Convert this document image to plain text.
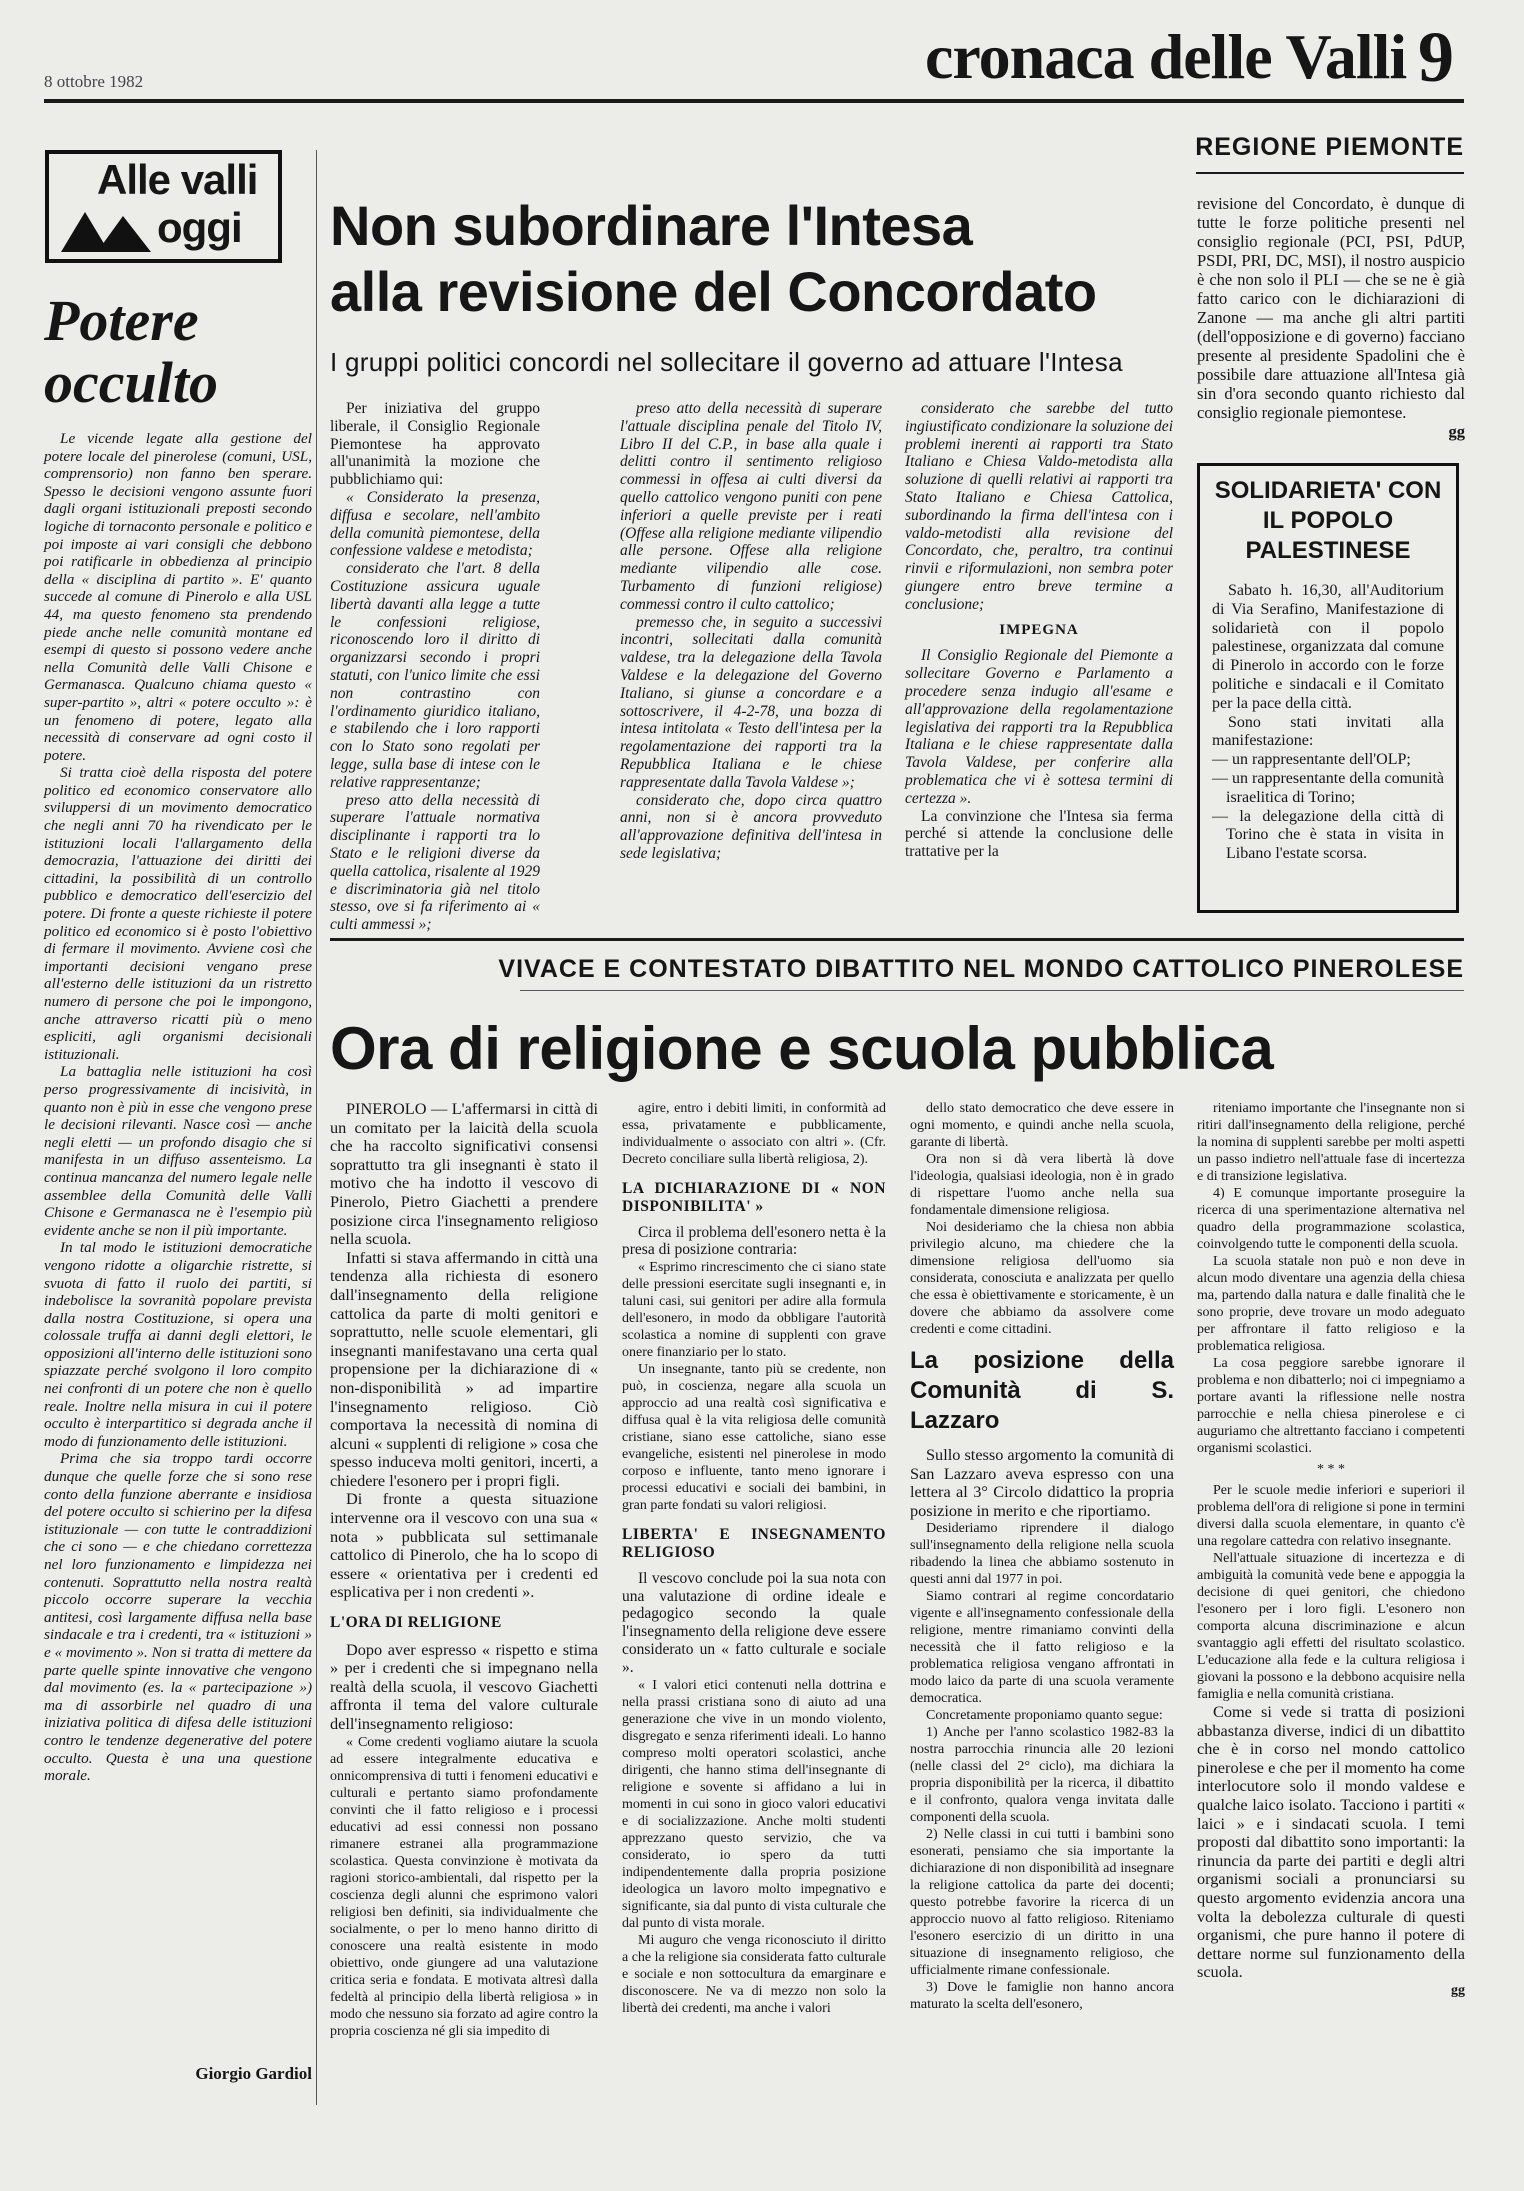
8 ottobre 1982	cronaca delle Valli 9
REGIONE PIEMONTE
Alle valli
oggi
Potere occulto

Le vicende legate alla gestione del potere locale del pinerolese (comuni, USL, comprensorio) non fanno ben sperare. Spesso le decisioni vengono assunte fuori dagli organi istituzionali preposti secondo logiche di tornaconto personale e politico e poi imposte ai vari consigli che debbono poi ratificarle in obbedienza al principio della « disciplina di partito ». E' quanto succede al comune di Pinerolo e alla USL 44, ma questo fenomeno sta prendendo piede anche nelle comunità montane ed esempi di questo si possono vedere anche nella Comunità delle Valli Chisone e Germanasca. Qualcuno chiama questo « super-partito », altri « potere occulto »: è un fenomeno di potere, legato alla necessità di conservare ad ogni costo il potere.

Si tratta cioè della risposta del potere politico ed economico conservatore allo sviluppersi di un movimento democratico che negli anni 70 ha rivendicato per le istituzioni locali l'allargamento della democrazia, l'attuazione dei diritti dei cittadini, la possibilità di un controllo pubblico e democratico dell'esercizio del potere. Di fronte a queste richieste il potere politico ed economico si è posto l'obiettivo di fermare il movimento. Avviene così che importanti decisioni vengano prese all'esterno delle istituzioni da un ristretto numero di persone che poi le impongono, anche attraverso ricatti più o meno espliciti, agli organismi decisionali istituzionali.

La battaglia nelle istituzioni ha così perso progressivamente di incisività, in quanto non è più in esse che vengono prese le decisioni rilevanti. Nasce così — anche negli eletti — un profondo disagio che si manifesta in un diffuso assenteismo. La continua mancanza del numero legale nelle assemblee della Comunità delle Valli Chisone e Germanasca ne è l'esempio più evidente anche se non il più importante.

In tal modo le istituzioni democratiche vengono ridotte a oligarchie ristrette, si svuota di fatto il ruolo dei partiti, si indebolisce la sovranità popolare prevista dalla nostra Costituzione, si opera una colossale truffa ai danni degli elettori, le opposizioni all'interno delle istituzioni sono spiazzate perché svolgono il loro compito nei confronti di un potere che non è quello reale. Inoltre nella misura in cui il potere occulto è interpartitico si degrada anche il modo di funzionamento delle istituzioni.

Prima che sia troppo tardi occorre dunque che quelle forze che si sono rese conto della funzione aberrante e insidiosa del potere occulto si schierino per la difesa istituzionale — con tutte le contraddizioni che ci sono — e che chiedano correttezza nel loro funzionamento e limpidezza nei contenuti. Soprattutto nella nostra realtà piccolo occorre superare la vecchia antitesi, così largamente diffusa nella base sindacale e tra i credenti, tra « istituzioni » e « movimento ». Non si tratta di mettere da parte quelle spinte innovative che vengono dal movimento (es. la « partecipazione ») ma di assorbirle nel quadro di una iniziativa politica di difesa delle istituzioni contro le tendenze degenerative del potere occulto. Questa è una una questione morale.

Giorgio Gardiol
Non subordinare l'Intesa
alla revisione del Concordato
I gruppi politici concordi nel sollecitare il governo ad attuare l'Intesa

Per iniziativa del gruppo liberale, il Consiglio Regionale Piemontese ha approvato all'unanimità la mozione che pubblichiamo qui:

« Considerato la presenza, diffusa e secolare, nell'ambito della comunità piemontese, della confessione valdese e metodista;

considerato che l'art. 8 della Costituzione assicura uguale libertà davanti alla legge a tutte le confessioni religiose, riconoscendo loro il diritto di organizzarsi secondo i propri statuti, con l'unico limite che essi non contrastino con l'ordinamento giuridico italiano, e stabilendo che i loro rapporti con lo Stato sono regolati per legge, sulla base di intese con le relative rappresentanze;

preso atto della necessità di superare l'attuale normativa disciplinante i rapporti tra lo Stato e le religioni diverse da quella cattolica, risalente al 1929 e discriminatoria già nel titolo stesso, ove si fa riferimento ai « culti ammessi »;

preso atto della necessità di superare l'attuale disciplina penale del Titolo IV, Libro II del C.P., in base alla quale i delitti contro il sentimento religioso commessi in offesa ai culti diversi da quello cattolico vengono puniti con pene inferiori a quelle previste per i reati (Offese alla religione mediante vilipendio alle persone. Offese alla religione mediante vilipendio alle cose. Turbamento di funzioni religiose) commessi contro il culto cattolico;

premesso che, in seguito a successivi incontri, sollecitati dalla comunità valdese, tra la delegazione della Tavola Valdese e la delegazione del Governo Italiano, si giunse a concordare e a sottoscrivere, il 4-2-78, una bozza di intesa intitolata « Testo dell'intesa per la regolamentazione dei rapporti tra la Repubblica Italiana e le chiese rappresentate dalla Tavola Valdese »;

considerato che, dopo circa quattro anni, non si è ancora provveduto all'approvazione definitiva dell'intesa in sede legislativa;

considerato che sarebbe del tutto ingiustificato condizionare la soluzione dei problemi inerenti ai rapporti tra Stato Italiano e Chiesa Valdo-metodista alla soluzione di quelli relativi ai rapporti tra Stato Italiano e Chiesa Cattolica, subordinando la firma dell'intesa con i valdo-metodisti alla revisione del Concordato, che, peraltro, tra continui rinvii e riformulazioni, non sembra poter giungere entro breve termine a conclusione;

IMPEGNA

Il Consiglio Regionale del Piemonte a sollecitare Governo e Parlamento a procedere senza indugio all'esame e all'approvazione della regolamentazione legislativa dei rapporti tra la Repubblica Italiana e le chiese rappresentate dalla Tavola Valdese, per conferire alla problematica che vi è sottesa termini di certezza ».

La convinzione che l'Intesa sia ferma perché si attende la conclusione delle trattative per la

revisione del Concordato, è dunque di tutte le forze politiche presenti nel consiglio regionale (PCI, PSI, PdUP, PSDI, PRI, DC, MSI), il nostro auspicio è che non solo il PLI — che se ne è già fatto carico con le dichiarazioni di Zanone — ma anche gli altri partiti (dell'opposizione e di governo) facciano presente al presidente Spadolini che è possibile dare attuazione all'Intesa già sin d'ora secondo quanto richiesto dal consiglio regionale piemontese.

gg
SOLIDARIETA' CON IL POPOLO PALESTINESE

Sabato h. 16,30, all'Auditorium di Via Serafino, Manifestazione di solidarietà con il popolo palestinese, organizzata dal comune di Pinerolo in accordo con le forze politiche e sindacali e il Comitato per la pace della città.

Sono stati invitati alla manifestazione:

— un rappresentante dell'OLP;
— un rappresentante della comunità israelitica di Torino;
— la delegazione della città di Torino che è stata in visita in Libano l'estate scorsa.
VIVACE E CONTESTATO DIBATTITO NEL MONDO CATTOLICO PINEROLESE
Ora di religione e scuola pubblica

PINEROLO — L'affermarsi in città di un comitato per la laicità della scuola che ha raccolto significativi consensi soprattutto tra gli insegnanti è stato il motivo che ha indotto il vescovo di Pinerolo, Pietro Giachetti a prendere posizione circa l'insegnamento religioso nella scuola.

Infatti si stava affermando in città una tendenza alla richiesta di esonero dall'insegnamento della religione cattolica da parte di molti genitori e soprattutto, nelle scuole elementari, gli insegnanti manifestavano una certa qual propensione per la dichiarazione di « non-disponibilità » ad impartire l'insegnamento religioso. Ciò comportava la necessità di nomina di alcuni « supplenti di religione » cosa che spesso induceva molti genitori, incerti, a chiedere l'esonero per i propri figli.

Di fronte a questa situazione intervenne ora il vescovo con una sua « nota » pubblicata sul settimanale cattolico di Pinerolo, che ha lo scopo di essere « orientativa per i credenti ed esplicativa per i non credenti ».

L'ORA DI RELIGIONE

Dopo aver espresso « rispetto e stima » per i credenti che si impegnano nella realtà della scuola, il vescovo Giachetti affronta il tema del valore culturale dell'insegnamento religioso:

« Come credenti vogliamo aiutare la scuola ad essere integralmente educativa e onnicomprensiva di tutti i fenomeni educativi e culturali e pertanto siamo profondamente convinti che il fatto religioso e i processi educativi ad essi connessi non possano rimanere estranei alla programmazione scolastica. Questa convinzione è motivata da ragioni storico-ambientali, dal rispetto per la coscienza degli alunni che esprimono valori religiosi ben definiti, sia individualmente che socialmente, o per lo meno hanno diritto di conoscere una realtà esistente in modo obiettivo, onde giungere ad una valutazione critica seria e fondata. E motivata altresì dalla fedeltà al principio della libertà religiosa » in modo che nessuno sia forzato ad agire contro la propria coscienza né gli sia impedito di

agire, entro i debiti limiti, in conformità ad essa, privatamente e pubblicamente, individualmente o associato con altri ». (Cfr. Decreto conciliare sulla libertà religiosa, 2).

LA DICHIARAZIONE DI « NON DISPONIBILITA' »

Circa il problema dell'esonero netta è la presa di posizione contraria:

« Esprimo rincrescimento che ci siano state delle pressioni esercitate sugli insegnanti e, in taluni casi, sui genitori per adire alla formula dell'esonero, in modo da obbligare l'autorità scolastica a nomine di supplenti con grave onere finanziario per lo stato.

Un insegnante, tanto più se credente, non può, in coscienza, negare alla scuola un approccio ad una realtà così significativa e diffusa qual è la vita religiosa delle comunità cristiane, siano esse cattoliche, siano esse evangeliche, esistenti nel pinerolese in modo corposo e influente, tanto meno ignorare i processi educativi e sociali dei bambini, in gran parte fondati su valori religiosi.

LIBERTA' E INSEGNAMENTO RELIGIOSO

Il vescovo conclude poi la sua nota con una valutazione di ordine ideale e pedagogico secondo la quale l'insegnamento della religione deve essere considerato un « fatto culturale e sociale ».

« I valori etici contenuti nella dottrina e nella prassi cristiana sono di aiuto ad una generazione che vive in un mondo violento, disgregato e senza riferimenti ideali. Lo hanno compreso molti operatori scolastici, anche dirigenti, che hanno stima dell'insegnante di religione e sovente si affidano a lui in momenti in cui sono in gioco valori educativi e di socializzazione. Anche molti studenti apprezzano questo servizio, che va considerato, io spero da tutti indipendentemente dalla propria posizione ideologica un lavoro molto impegnativo e significante, sia dal punto di vista culturale che dal punto di vista morale.

Mi auguro che venga riconosciuto il diritto a che la religione sia considerata fatto culturale e sociale e non sottocultura da emarginare e disconoscere. Ne va di mezzo non solo la libertà dei credenti, ma anche i valori

dello stato democratico che deve essere in ogni momento, e quindi anche nella scuola, garante di libertà.

Ora non si dà vera libertà là dove l'ideologia, qualsiasi ideologia, non è in grado di rispettare l'uomo anche nella sua fondamentale dimensione religiosa.

Noi desideriamo che la chiesa non abbia privilegio alcuno, ma chiedere che la dimensione religiosa dell'uomo sia considerata, conosciuta e analizzata per quello che essa è obiettivamente e storicamente, è un dovere che abbiamo da assolvere come credenti e come cittadini.

La posizione della Comunità di S. Lazzaro

Sullo stesso argomento la comunità di San Lazzaro aveva espresso con una lettera al 3° Circolo didattico la propria posizione in merito e che riportiamo.

Desideriamo riprendere il dialogo sull'insegnamento della religione nella scuola ribadendo la linea che abbiamo sostenuto in questi anni dal 1977 in poi.

Siamo contrari al regime concordatario vigente e all'insegnamento confessionale della religione, mentre rimaniamo convinti della necessità che il fatto religioso e la problematica religiosa vengano affrontati in modo laico da parte di una scuola veramente democratica.

Concretamente proponiamo quanto segue:

1) Anche per l'anno scolastico 1982-83 la nostra parrocchia rinuncia alle 20 lezioni (nelle classi del 2° ciclo), ma dichiara la propria disponibilità per la ricerca, il dibattito e il confronto, qualora venga invitata dalle componenti della scuola.

2) Nelle classi in cui tutti i bambini sono esonerati, pensiamo che sia importante la dichiarazione di non disponibilità ad insegnare la religione cattolica da parte dei docenti; questo potrebbe favorire la ricerca di un approccio nuovo al fatto religioso. Riteniamo l'esonero esercizio di un diritto in una situazione di insegnamento religioso, che ufficialmente rimane confessionale.

3) Dove le famiglie non hanno ancora maturato la scelta dell'esonero,

riteniamo importante che l'insegnante non si ritiri dall'insegnamento della religione, perché la nomina di supplenti sarebbe per molti aspetti un passo indietro nell'attuale fase di incertezza e di transizione legislativa.

4) E comunque importante proseguire la ricerca di una sperimentazione alternativa nel quadro della programmazione scolastica, coinvolgendo tutte le componenti della scuola.

La scuola statale non può e non deve in alcun modo diventare una agenzia della chiesa ma, partendo dalla natura e dalle finalità che le sono proprie, deve trovare un modo adeguato per affrontare il fatto religioso e la problematica religiosa.

La cosa peggiore sarebbe ignorare il problema e non dibatterlo; noi ci impegniamo a portare avanti la riflessione nelle nostra parrocchie e nella chiesa pinerolese e ci auguriamo che altrettanto facciano i competenti organismi scolastici.

* * *

Per le scuole medie inferiori e superiori il problema dell'ora di religione si pone in termini diversi dalla scuola elementare, in quanto c'è una regolare cattedra con relativo insegnante.

Nell'attuale situazione di incertezza e di ambiguità la comunità vede bene e appoggia la decisione di quei genitori, che chiedono l'esonero per i loro figli. L'esonero non comporta alcuna discriminazione e alcun svantaggio agli effetti del risultato scolastico. L'educazione alla fede e la cultura religiosa i giovani la possono e la debbono acquisire nella famiglia e nella comunità cristiana.

Come si vede si tratta di posizioni abbastanza diverse, indici di un dibattito che è in corso nel mondo cattolico pinerolese e che per il momento ha come interlocutore solo il mondo valdese e qualche laico isolato. Tacciono i partiti « laici » e i sindacati scuola. I temi proposti dal dibattito sono importanti: la rinuncia da parte dei partiti e degli altri organismi sociali a pronunciarsi su questo argomento evidenzia ancora una volta la debolezza culturale di questi organismi, che pure hanno il potere di dettare norme sul funzionamento della scuola.

gg
